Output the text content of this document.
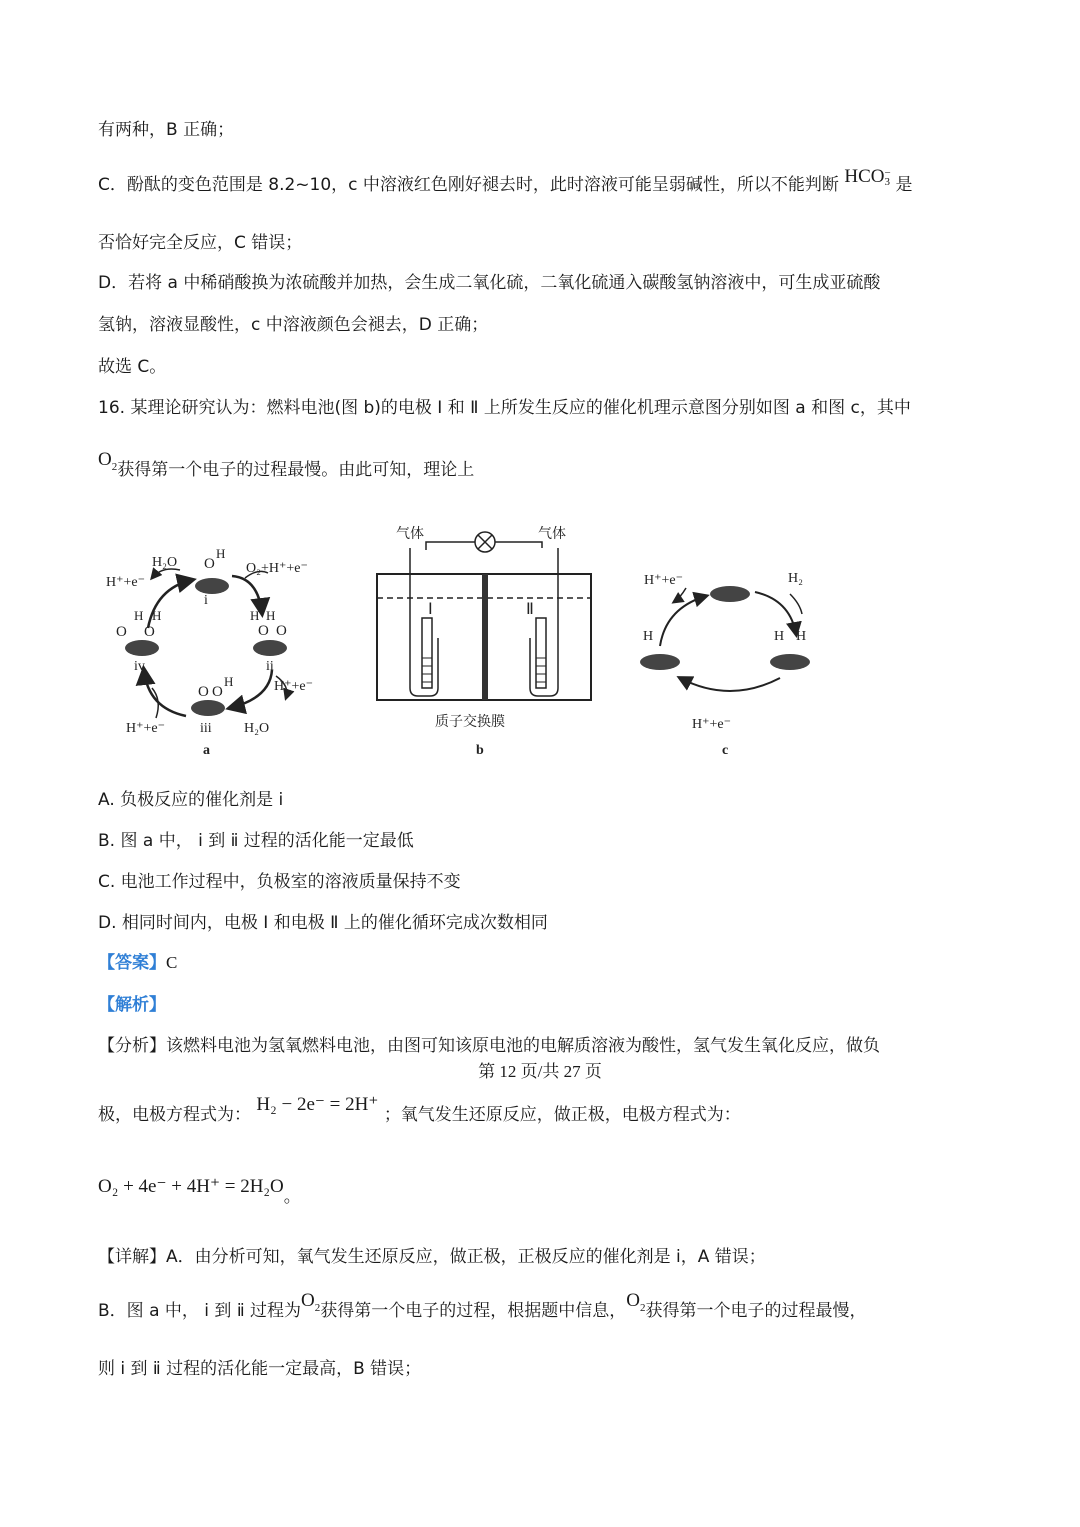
有两种，B 正确；
C．酚酞的变色范围是 8.2~10，c 中溶液红色刚好褪去时，此时溶液可能呈弱碱性，所以不能判断 HCO −
3 是
否恰好完全反应，C 错误；
D．若将 a 中稀硝酸换为浓硫酸并加热，会生成二氧化硫，二氧化硫通入碳酸氢钠溶液中，可生成亚硫酸
氢钠，溶液显酸性，c 中溶液颜色会褪去，D 正确；
故选 C。
16. 某理论研究认为：燃料电池(图 b)的电极 Ⅰ 和 Ⅱ 上所发生反应的催化机理示意图分别如图 a 和图 c，其中
$O_2$获得第一个电子的过程最慢。由此可知，理论上
O
H
O O
H H
O O
H
O O
H H
H₂O
H⁺+e⁻
O₂+H⁺+e⁻
i
ii
iii
iv
H⁺+e⁻
H₂O
H⁺+e⁻
a
气体	气体
Ⅰ	Ⅱ
质子交换膜
b
H	H H
H⁺+e⁻	H₂
H⁺+e⁻
c
A. 负极反应的催化剂是 ⅰ
B. 图 a 中， ⅰ 到 ⅱ 过程的活化能一定最低
C. 电池工作过程中，负极室的溶液质量保持不变
D. 相同时间内，电极 Ⅰ 和电极 Ⅱ 上的催化循环完成次数相同
【答案】C
【解析】
【分析】该燃料电池为氢氧燃料电池，由图可知该原电池的电解质溶液为酸性，氢气发生氧化反应，做负
极，电极方程式为： H₂ − 2e⁻ = 2H⁺ ；氧气发生还原反应，做正极，电极方程式为：
O₂ + 4e⁻ + 4H⁺ = 2H₂O。
【详解】A．由分析可知，氧气发生还原反应，做正极，正极反应的催化剂是 ⅰ，A 错误；
B．图 a 中， ⅰ 到 ⅱ 过程为$O_2$获得第一个电子的过程，根据题中信息，$O_2$获得第一个电子的过程最慢，
则 ⅰ 到 ⅱ 过程的活化能一定最高，B 错误；
第 12 页/共 27 页
